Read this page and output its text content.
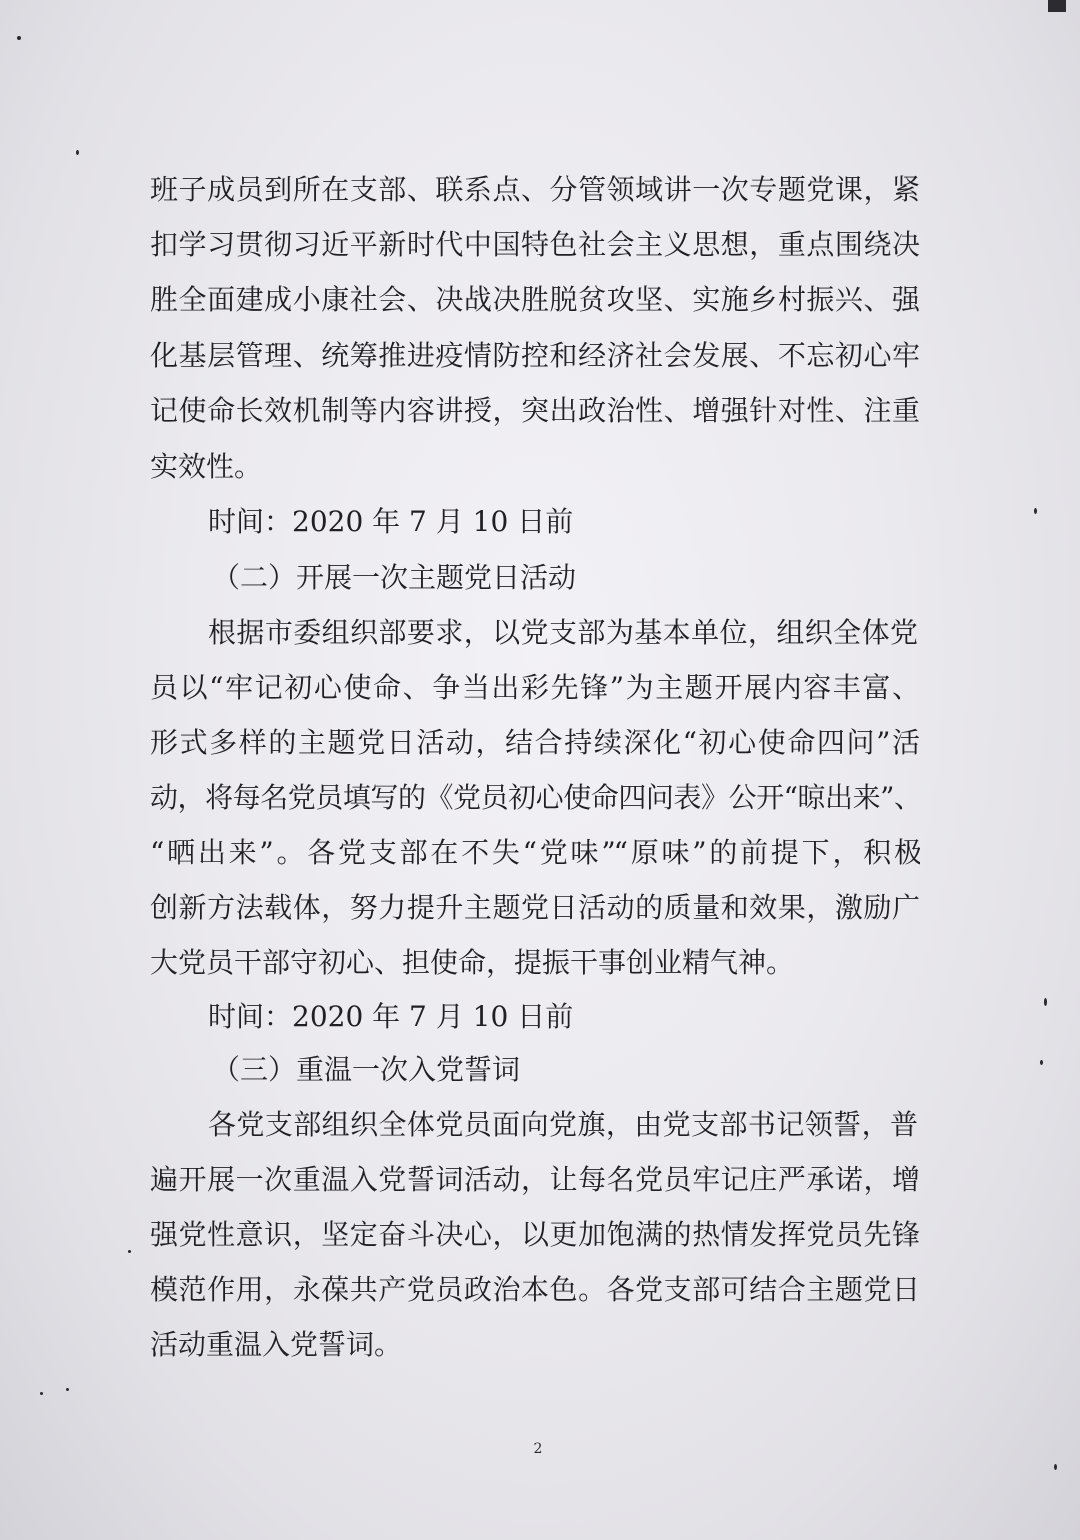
班子成员到所在支部、联系点、分管领域讲一次专题党课，紧
扣学习贯彻习近平新时代中国特色社会主义思想，重点围绕决
胜全面建成小康社会、决战决胜脱贫攻坚、实施乡村振兴、强
化基层管理、统筹推进疫情防控和经济社会发展、不忘初心牢
记使命长效机制等内容讲授，突出政治性、增强针对性、注重
实效性。
时间：2020 年 7 月 10 日前
（二）开展一次主题党日活动
根据市委组织部要求，以党支部为基本单位，组织全体党
员以“牢记初心使命、争当出彩先锋”为主题开展内容丰富、
形式多样的主题党日活动，结合持续深化“初心使命四问”活
动，将每名党员填写的《党员初心使命四问表》公开“晾出来”、
“晒出来”。各党支部在不失“党味”“原味”的前提下，积极
创新方法载体，努力提升主题党日活动的质量和效果，激励广
大党员干部守初心、担使命，提振干事创业精气神。
时间：2020 年 7 月 10 日前
（三）重温一次入党誓词
各党支部组织全体党员面向党旗，由党支部书记领誓，普
遍开展一次重温入党誓词活动，让每名党员牢记庄严承诺，增
强党性意识，坚定奋斗决心，以更加饱满的热情发挥党员先锋
模范作用，永葆共产党员政治本色。各党支部可结合主题党日
活动重温入党誓词。
2
